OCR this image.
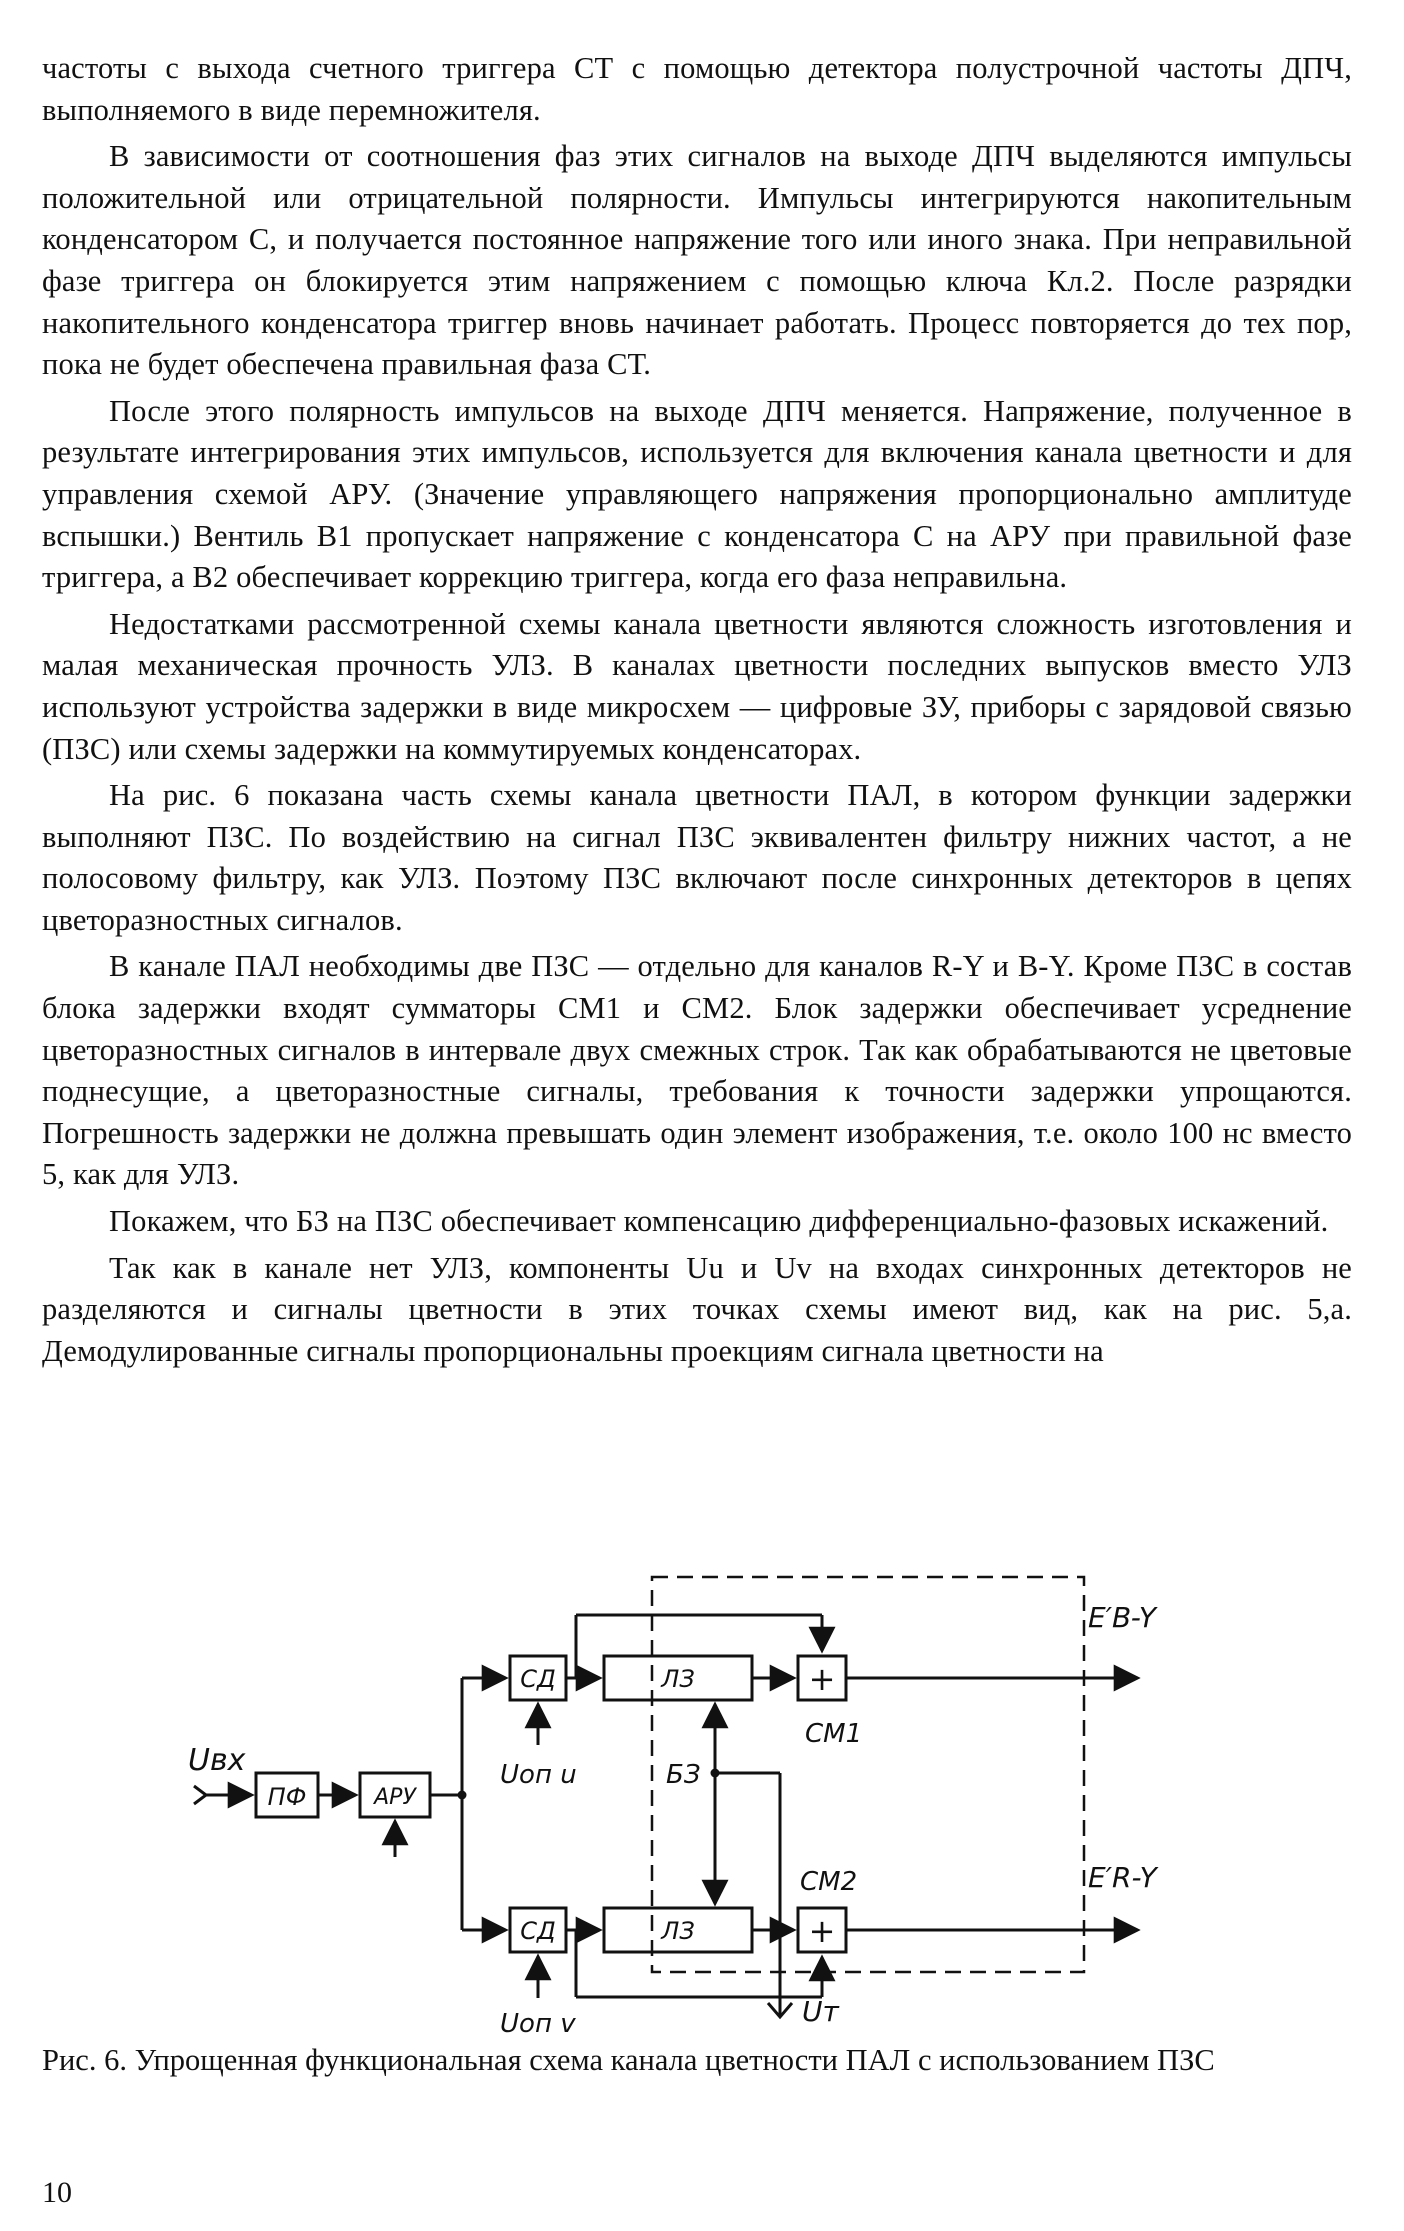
частоты с выхода счетного триггера СТ с помощью детектора полустрочной частоты ДПЧ, выполняемого в виде перемножителя.

В зависимости от соотношения фаз этих сигналов на выходе ДПЧ выделяются импульсы положительной или отрицательной полярности. Импульсы интегрируются накопительным конденсатором С, и получается постоянное напряжение того или иного знака. При неправильной фазе триггера он блокируется этим напряжением с помощью ключа Кл.2. После разрядки накопительного конденсатора триггер вновь начинает работать. Процесс повторяется до тех пор, пока не будет обеспечена правильная фаза СТ.

После этого полярность импульсов на выходе ДПЧ меняется. Напряжение, полученное в результате интегрирования этих импульсов, используется для включения канала цветности и для управления схемой АРУ. (Значение управляющего напряжения пропорционально амплитуде вспышки.) Вентиль В1 пропускает напряжение с конденсатора С на АРУ при правильной фазе триггера, а В2 обеспечивает коррекцию триггера, когда его фаза неправильна.

Недостатками рассмотренной схемы канала цветности являются сложность изготовления и малая механическая прочность УЛЗ. В каналах цветности последних выпусков вместо УЛЗ используют устройства задержки в виде микросхем — цифровые ЗУ, приборы с зарядовой связью (ПЗС) или схемы задержки на коммутируемых конденсаторах.

На рис. 6 показана часть схемы канала цветности ПАЛ, в котором функции задержки выполняют ПЗС. По воздействию на сигнал ПЗС эквивалентен фильтру нижних частот, а не полосовому фильтру, как УЛЗ. Поэтому ПЗС включают после синхронных детекторов в цепях цветоразностных сигналов.

В канале ПАЛ необходимы две ПЗС — отдельно для каналов R-Y и B-Y. Кроме ПЗС в состав блока задержки входят сумматоры СМ1 и СМ2. Блок задержки обеспечивает усреднение цветоразностных сигналов в интервале двух смежных строк. Так как обрабатываются не цветовые поднесущие, а цветоразностные сигналы, требования к точности задержки упрощаются. Погрешность задержки не должна превышать один элемент изображения, т.е. около 100 нс вместо 5, как для УЛЗ.

Покажем, что БЗ на ПЗС обеспечивает компенсацию дифференциально-фазовых искажений.

Так как в канале нет УЛЗ, компоненты Uu и Uv на входах синхронных детекторов не разделяются и сигналы цветности в этих точках схемы имеют вид, как на рис. 5,а. Демодулированные сигналы пропорциональны проекциям сигнала цветности на

Uвх
ПФ	АРУ
СД
Uоп u
СД
Uоп v
ЛЗ	+
СМ1
E′B-Y
ЛЗ	+
СМ2	E′R-Y
Uт
БЗ

Рис. 6. Упрощенная функциональная схема канала цветности ПАЛ с использованием ПЗС

10
